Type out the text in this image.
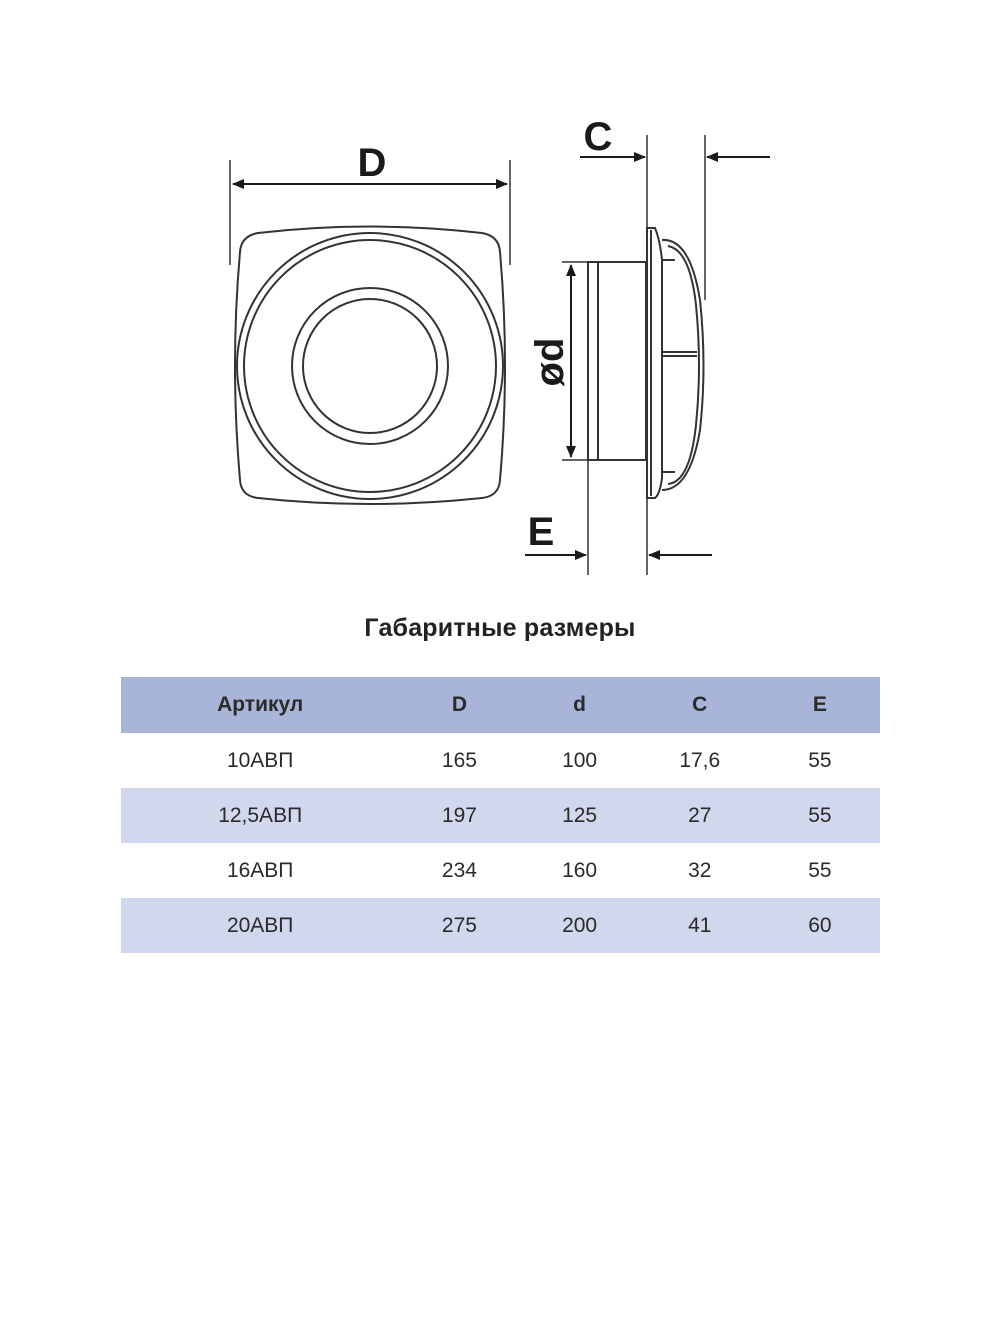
D
C
ød
E
Габаритные размеры
Артикул	D	d	C	E
10АВП	165	100	17,6	55
12,5АВП	197	125	27	55
16АВП	234	160	32	55
20АВП	275	200	41	60
